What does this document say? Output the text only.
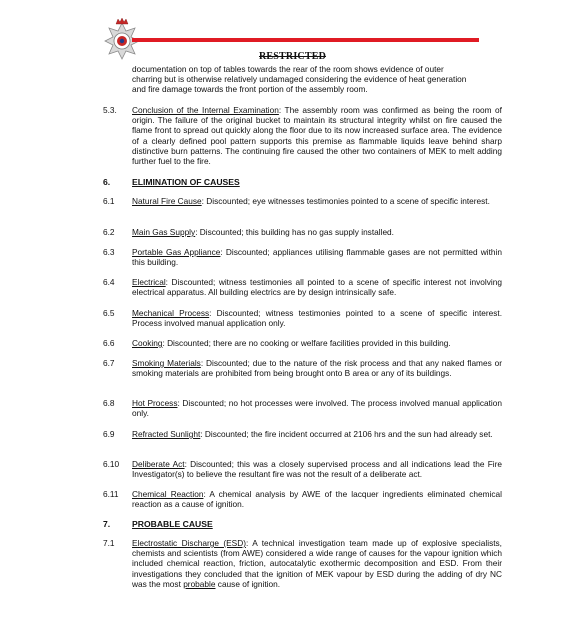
RESTRICTED
documentation on top of tables towards the rear of the room shows evidence of outer
charring but is otherwise relatively undamaged considering the evidence of heat generation
and fire damage towards the front portion of the assembly room.
5.3. Conclusion of the Internal Examination: The assembly room was confirmed as being the room of origin. The failure of the original bucket to maintain its structural integrity whilst on fire caused the flame front to spread out quickly along the floor due to its now increased surface area. The evidence of a clearly defined pool pattern supports this premise as flammable liquids leave behind sharp distinctive burn patterns. The continuing fire caused the other two containers of MEK to melt adding further fuel to the fire.
6.	ELIMINATION OF CAUSES
6.1 Natural Fire Cause: Discounted; eye witnesses testimonies pointed to a scene of specific interest.
6.2 Main Gas Supply: Discounted; this building has no gas supply installed.
6.3 Portable Gas Appliance: Discounted; appliances utilising flammable gases are not permitted within this building.
6.4 Electrical: Discounted; witness testimonies all pointed to a scene of specific interest not involving electrical apparatus. All building electrics are by design intrinsically safe.
6.5 Mechanical Process: Discounted; witness testimonies pointed to a scene of specific interest. Process involved manual application only.
6.6 Cooking: Discounted; there are no cooking or welfare facilities provided in this building.
6.7 Smoking Materials: Discounted; due to the nature of the risk process and that any naked flames or smoking materials are prohibited from being brought onto B area or any of its buildings.
6.8 Hot Process: Discounted; no hot processes were involved. The process involved manual application only.
6.9 Refracted Sunlight: Discounted; the fire incident occurred at 2106 hrs and the sun had already set.
6.10 Deliberate Act: Discounted; this was a closely supervised process and all indications lead the Fire Investigator(s) to believe the resultant fire was not the result of a deliberate act.
6.11 Chemical Reaction: A chemical analysis by AWE of the lacquer ingredients eliminated chemical reaction as a cause of ignition.
7.	PROBABLE CAUSE
7.1 Electrostatic Discharge (ESD): A technical investigation team made up of explosive specialists, chemists and scientists (from AWE) considered a wide range of causes for the vapour ignition which included chemical reaction, friction, autocatalytic exothermic decomposition and ESD. From their investigations they concluded that the ignition of MEK vapour by ESD during the adding of dry NC was the most probable cause of ignition.
